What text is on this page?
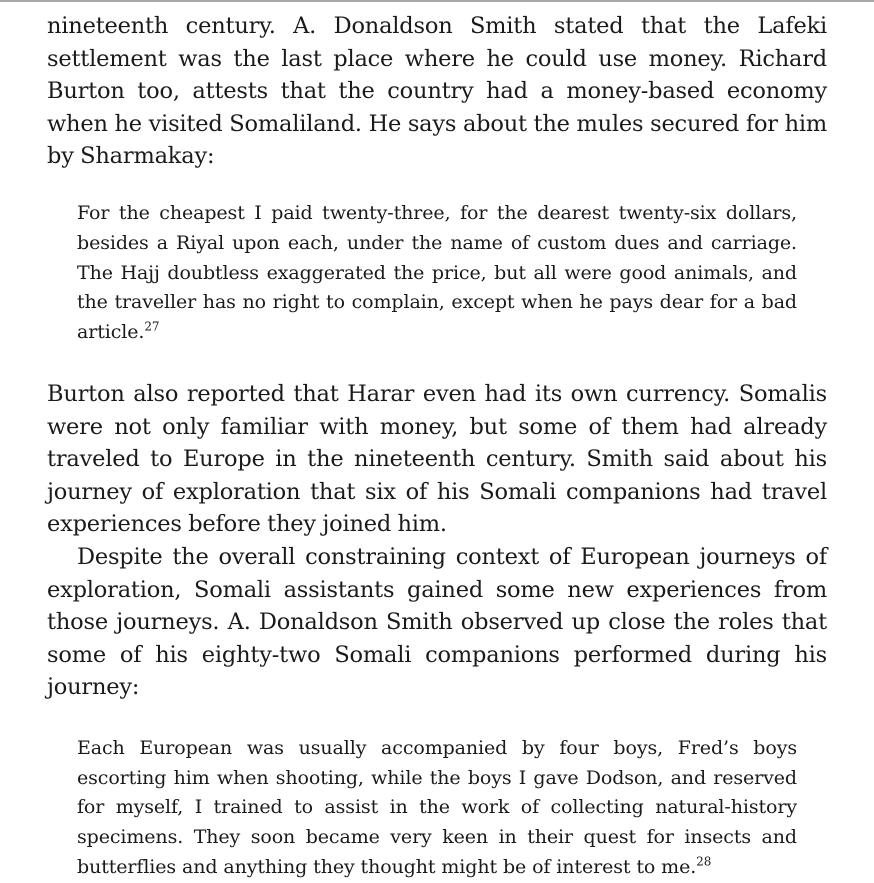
nineteenth century. A. Donaldson Smith stated that the Lafeki settlement was the last place where he could use money. Richard Burton too, attests that the country had a money-based economy when he visited Somaliland. He says about the mules secured for him by Sharmakay:

For the cheapest I paid twenty-three, for the dearest twenty-six dollars, besides a Riyal upon each, under the name of custom dues and carriage. The Hajj doubtless exaggerated the price, but all were good animals, and the traveller has no right to complain, except when he pays dear for a bad article.$^{27}$

Burton also reported that Harar even had its own currency. Somalis were not only familiar with money, but some of them had already traveled to Europe in the nineteenth century. Smith said about his journey of exploration that six of his Somali companions had travel experiences before they joined him.

Despite the overall constraining context of European journeys of exploration, Somali assistants gained some new experiences from those journeys. A. Donaldson Smith observed up close the roles that some of his eighty-two Somali companions performed during his journey:

Each European was usually accompanied by four boys, Fred’s boys escorting him when shooting, while the boys I gave Dodson, and reserved for myself, I trained to assist in the work of collecting natural-history specimens. They soon became very keen in their quest for insects and butterflies and anything they thought might be of interest to me.$^{28}$
